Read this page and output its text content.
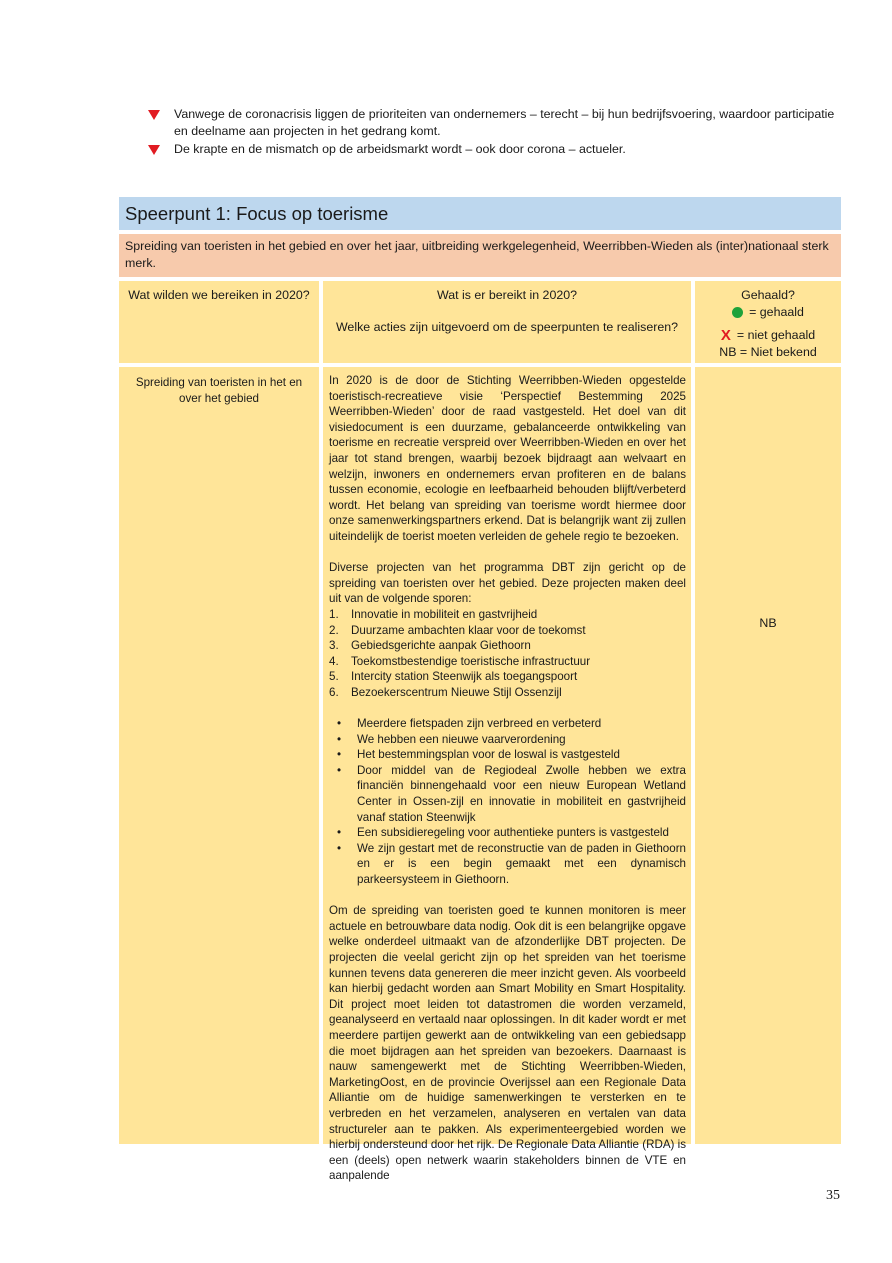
Vanwege de coronacrisis liggen de prioriteiten van ondernemers – terecht – bij hun bedrijfsvoering, waardoor participatie en deelname aan projecten in het gedrang komt.
De krapte en de mismatch op de arbeidsmarkt wordt – ook door corona – actueler.
Speerpunt 1: Focus op toerisme
Spreiding van toeristen in het gebied en over het jaar, uitbreiding werkgelegenheid, Weerribben-Wieden als (inter)nationaal sterk merk.
Wat wilden we bereiken in 2020?	Wat is er bereikt in 2020?
Welke acties zijn uitgevoerd om de speerpunten te realiseren?
Gehaald?
= gehaald
X = niet gehaald
NB = Niet bekend
Spreiding van toeristen in het en over het gebied

In 2020 is de door de Stichting Weerribben-Wieden opgestelde toeristisch-recreatieve visie ‘Perspectief Bestemming 2025 Weerribben-Wieden’ door de raad vastgesteld. Het doel van dit visiedocument is een duurzame, gebalanceerde ontwikkeling van toerisme en recreatie verspreid over Weerribben-Wieden en over het jaar tot stand brengen, waarbij bezoek bijdraagt aan welvaart en welzijn, inwoners en ondernemers ervan profiteren en de balans tussen economie, ecologie en leefbaarheid behouden blijft/verbeterd wordt. Het belang van spreiding van toerisme wordt hiermee door onze samenwerkingspartners erkend. Dat is belangrijk want zij zullen uiteindelijk de toerist moeten verleiden de gehele regio te bezoeken.

Diverse projecten van het programma DBT zijn gericht op de spreiding van toeristen over het gebied. Deze projecten maken deel uit van de volgende sporen:

1. Innovatie in mobiliteit en gastvrijheid
2. Duurzame ambachten klaar voor de toekomst
3. Gebiedsgerichte aanpak Giethoorn
4. Toekomstbestendige toeristische infrastructuur
5. Intercity station Steenwijk als toegangspoort
6. Bezoekerscentrum Nieuwe Stijl Ossenzijl
• Meerdere fietspaden zijn verbreed en verbeterd
• We hebben een nieuwe vaarverordening
• Het bestemmingsplan voor de loswal is vastgesteld
• Door middel van de Regiodeal Zwolle hebben we extra financiën binnengehaald voor een nieuw European Wetland Center in Ossen-zijl en innovatie in mobiliteit en gastvrijheid vanaf station Steenwijk
• Een subsidieregeling voor authentieke punters is vastgesteld
• We zijn gestart met de reconstructie van de paden in Giethoorn en er is een begin gemaakt met een dynamisch parkeersysteem in Giethoorn.

Om de spreiding van toeristen goed te kunnen monitoren is meer actuele en betrouwbare data nodig. Ook dit is een belangrijke opgave welke onderdeel uitmaakt van de afzonderlijke DBT projecten. De projecten die veelal gericht zijn op het spreiden van het toerisme kunnen tevens data genereren die meer inzicht geven. Als voorbeeld kan hierbij gedacht worden aan Smart Mobility en Smart Hospitality. Dit project moet leiden tot datastromen die worden verzameld, geanalyseerd en vertaald naar oplossingen. In dit kader wordt er met meerdere partijen gewerkt aan de ontwikkeling van een gebiedsapp die moet bijdragen aan het spreiden van bezoekers. Daarnaast is nauw samengewerkt met de Stichting Weerribben-Wieden, MarketingOost, en de provincie Overijssel aan een Regionale Data Alliantie om de huidige samenwerkingen te versterken en te verbreden en het verzamelen, analyseren en vertalen van data structureler aan te pakken. Als experimenteergebied worden we hierbij ondersteund door het rijk. De Regionale Data Alliantie (RDA) is een (deels) open netwerk waarin stakeholders binnen de VTE en aanpalende

NB
35
